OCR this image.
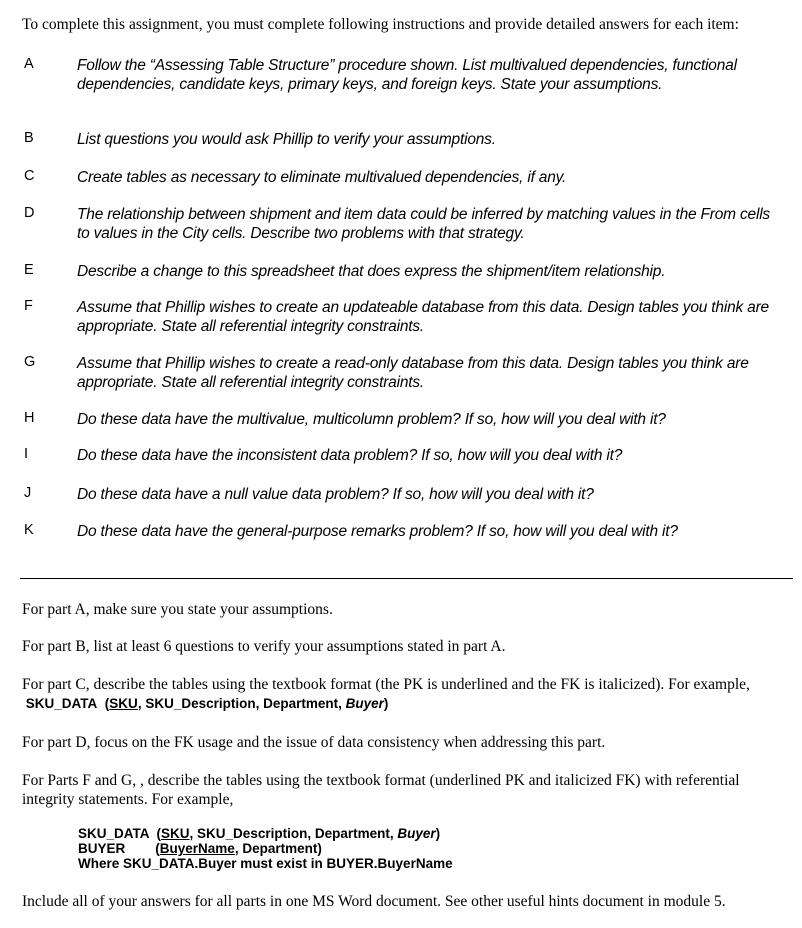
To complete this assignment, you must complete following instructions and provide detailed answers for each item:
A	Follow the “Assessing Table Structure” procedure shown. List multivalued dependencies, functional dependencies, candidate keys, primary keys, and foreign keys. State your assumptions.
B	List questions you would ask Phillip to verify your assumptions.
C	Create tables as necessary to eliminate multivalued dependencies, if any.
D	The relationship between shipment and item data could be inferred by matching values in the From cells to values in the City cells. Describe two problems with that strategy.
E	Describe a change to this spreadsheet that does express the shipment/item relationship.
F	Assume that Phillip wishes to create an updateable database from this data. Design tables you think are appropriate. State all referential integrity constraints.
G	Assume that Phillip wishes to create a read-only database from this data. Design tables you think are appropriate. State all referential integrity constraints.
H	Do these data have the multivalue, multicolumn problem? If so, how will you deal with it?
I	Do these data have the inconsistent data problem? If so, how will you deal with it?
J	Do these data have a null value data problem? If so, how will you deal with it?
K	Do these data have the general-purpose remarks problem? If so, how will you deal with it?
For part A, make sure you state your assumptions.
For part B, list at least 6 questions to verify your assumptions stated in part A.
For part C, describe the tables using the textbook format (the PK is underlined and the FK is italicized). For example,  SKU_DATA (SKU, SKU_Description, Department, Buyer)
For part D, focus on the FK usage and the issue of data consistency when addressing this part.
For Parts F and G, , describe the tables using the textbook format (underlined PK and italicized FK) with referential integrity statements. For example,
SKU_DATA (SKU, SKU_Description, Department, Buyer)
BUYER (BuyerName, Department)
Where SKU_DATA.Buyer must exist in BUYER.BuyerName
Include all of your answers for all parts in one MS Word document. See other useful hints document in module 5.
